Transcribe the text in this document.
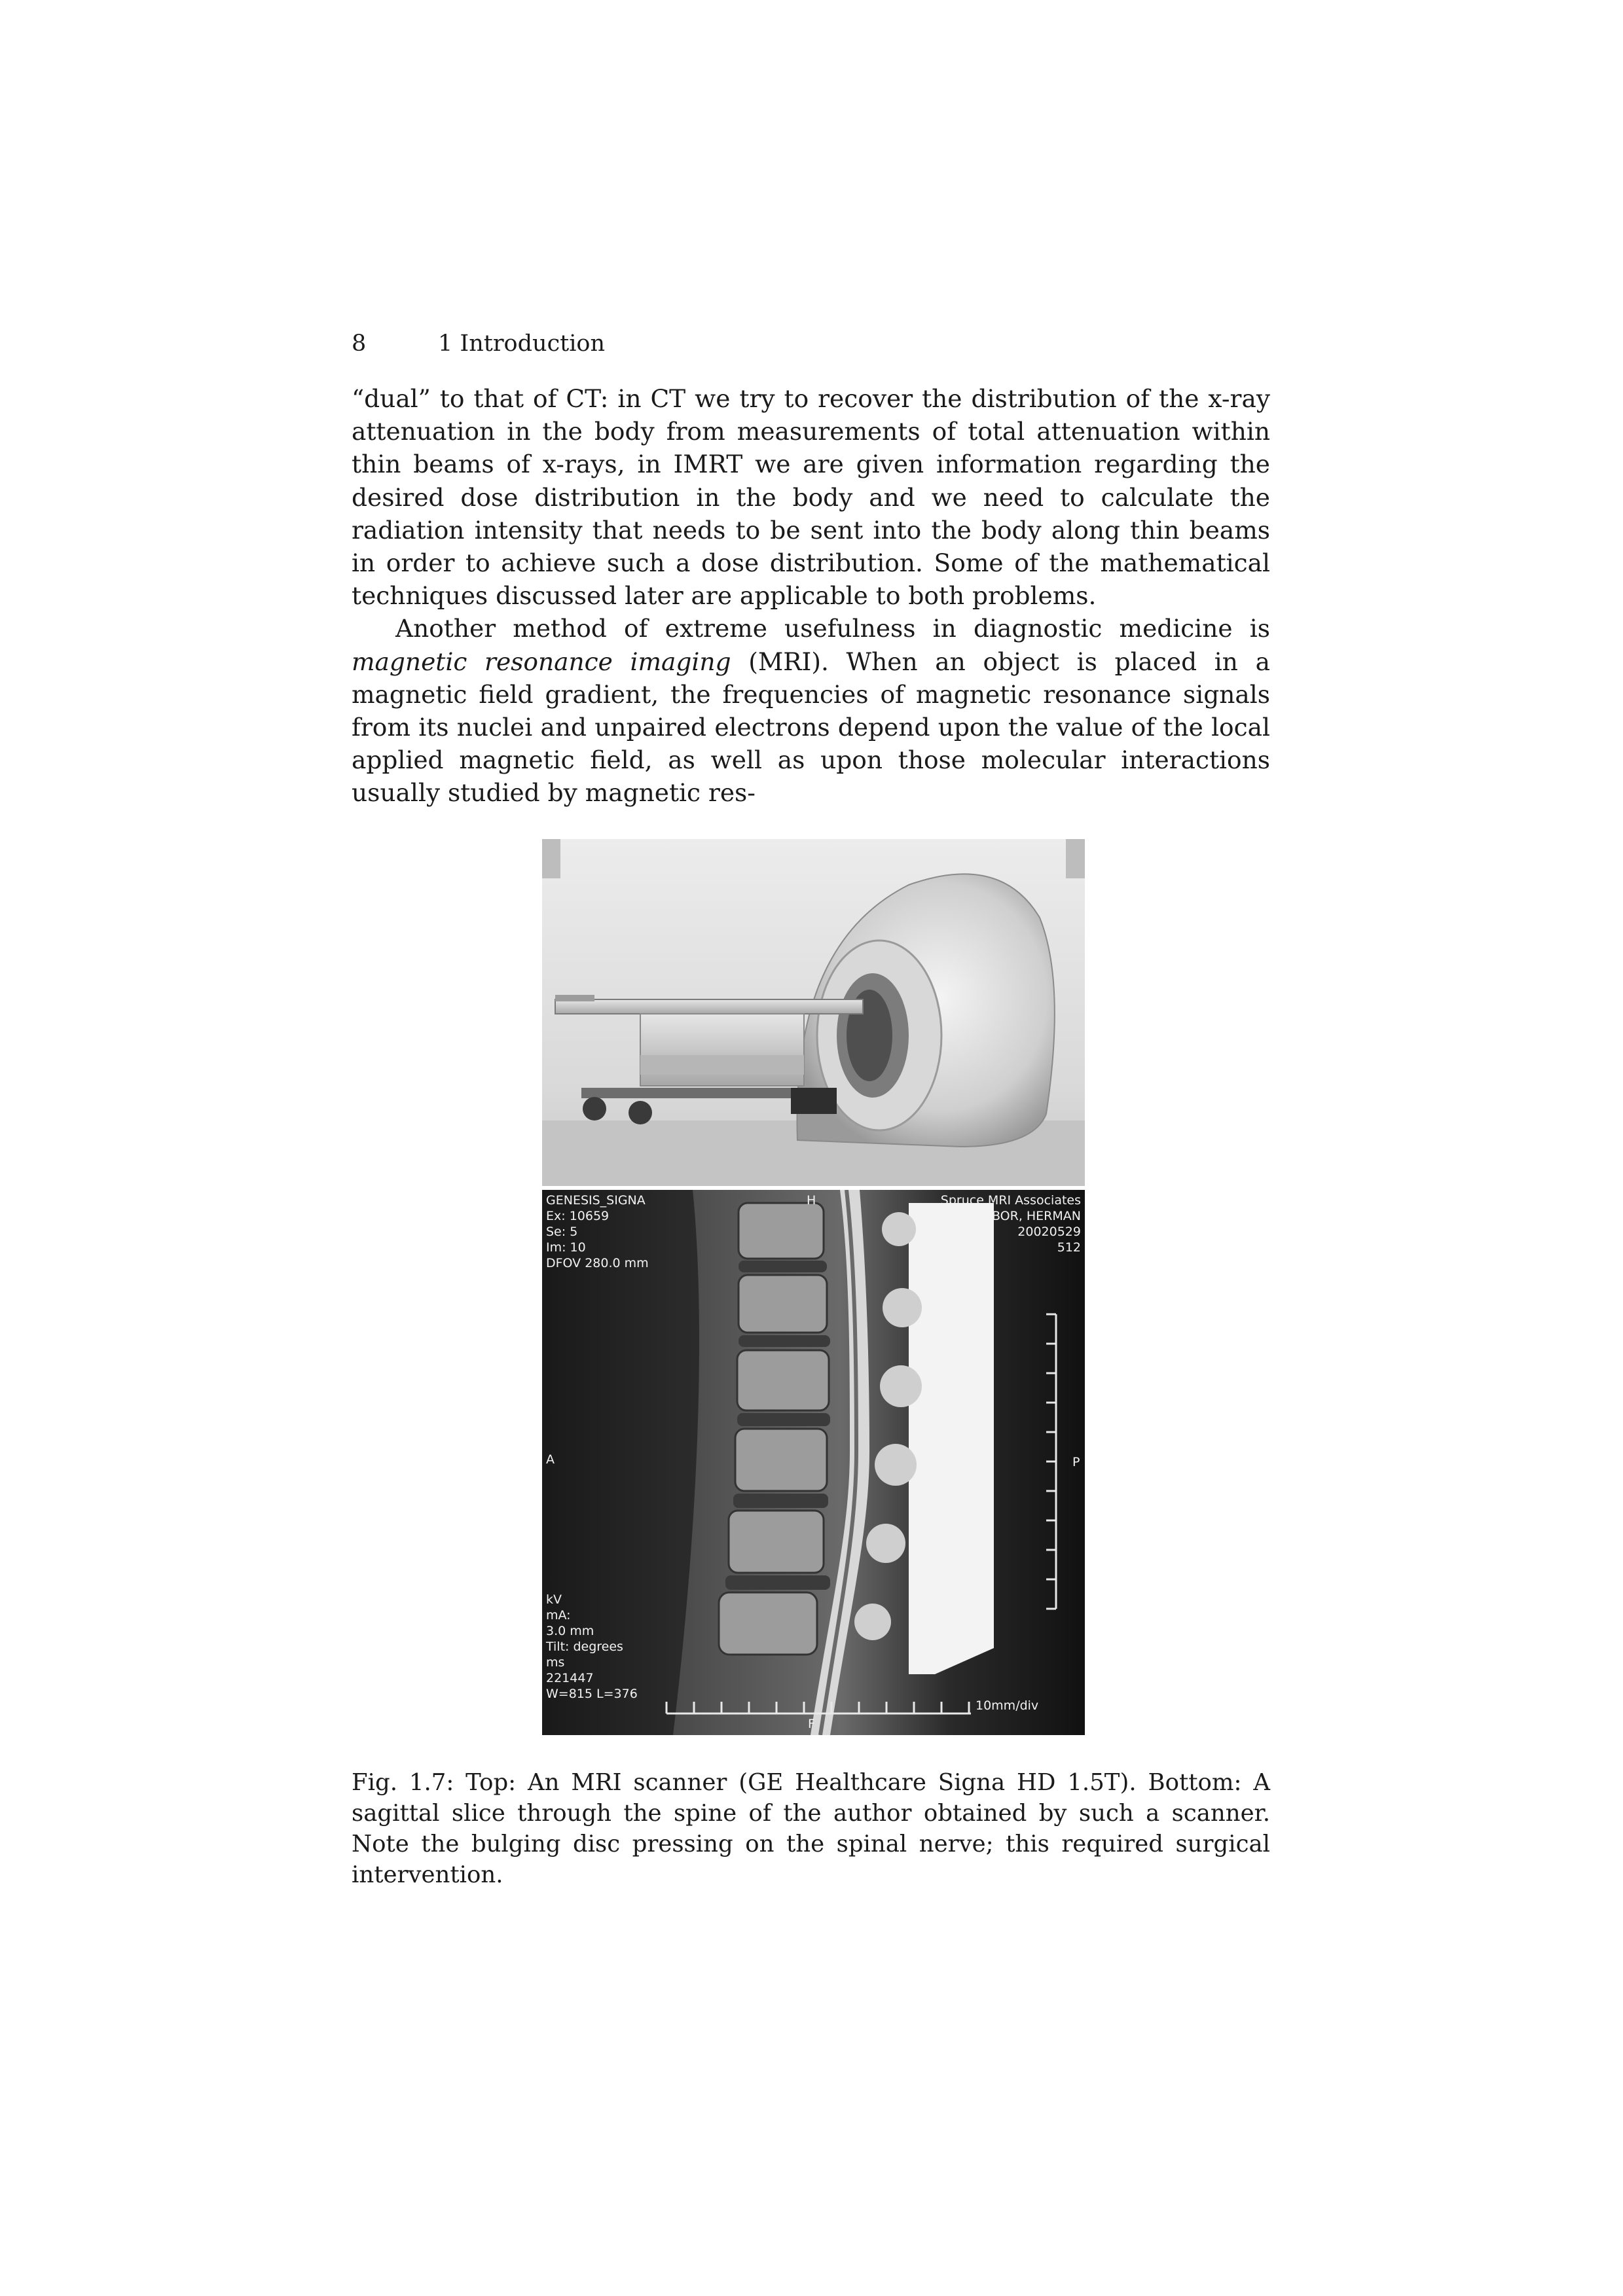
8	1 Introduction

“dual” to that of CT: in CT we try to recover the distribution of the x-ray attenuation in the body from measurements of total attenuation within thin beams of x-rays, in IMRT we are given information regarding the desired dose distribution in the body and we need to calculate the radiation intensity that needs to be sent into the body along thin beams in order to achieve such a dose distribution. Some of the mathematical techniques discussed later are applicable to both problems.

Another method of extreme usefulness in diagnostic medicine is magnetic resonance imaging (MRI). When an object is placed in a magnetic field gradient, the frequencies of magnetic resonance signals from its nuclei and unpaired electrons depend upon the value of the local applied magnetic field, as well as upon those molecular interactions usually studied by magnetic res-

GENESIS_SIGNA
Ex: 10659
Se: 5
Im: 10
DFOV 280.0 mm
Spruce MRI Associates
GABOR, HERMAN
20020529
512
kV
mA:
3.0 mm
Tilt: degrees
ms
221447
W=815 L=376
H
A	P
F
10mm/div
Fig. 1.7: Top: An MRI scanner (GE Healthcare Signa HD 1.5T). Bottom: A sagittal slice through the spine of the author obtained by such a scanner. Note the bulging disc pressing on the spinal nerve; this required surgical intervention.
